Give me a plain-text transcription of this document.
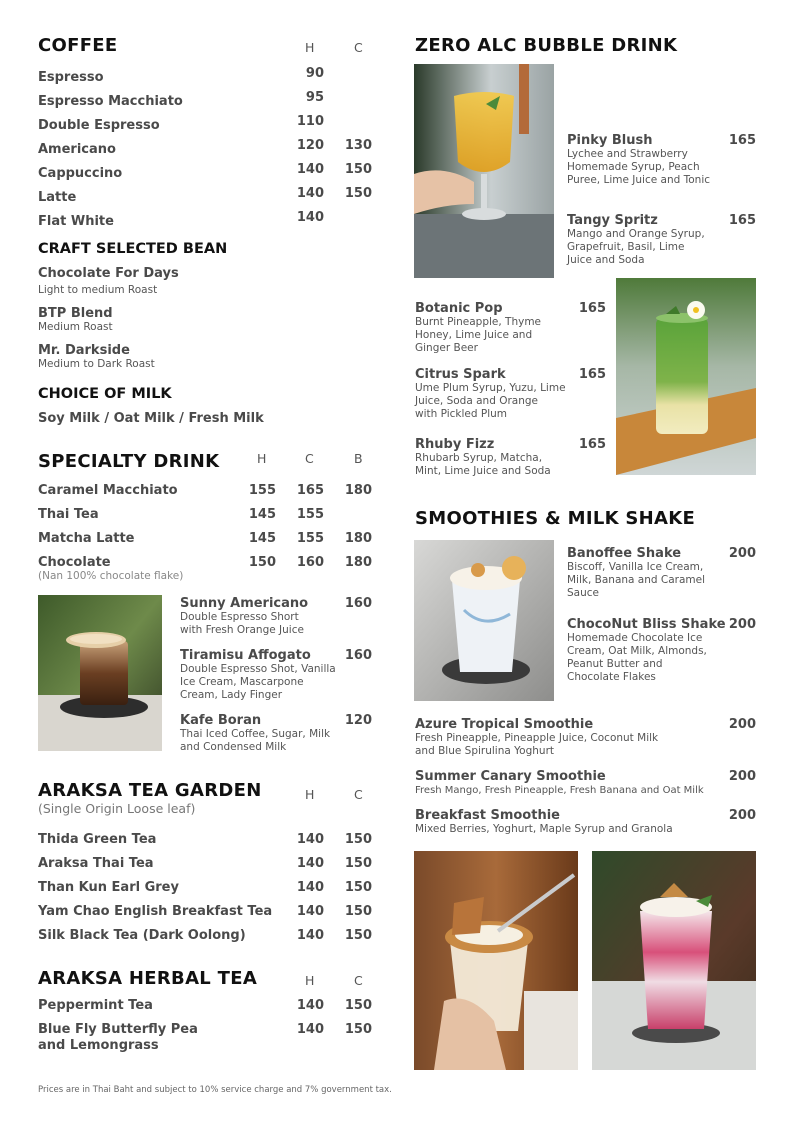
COFFEE	H	C
Espresso	90
Espresso Macchiato	95
Double Espresso	110
Americano	120	130
Cappuccino	140	150
Latte	140	150
Flat White	140
CRAFT SELECTED BEAN
Chocolate For Days
Light to medium Roast
BTP Blend
Medium Roast
Mr. Darkside
Medium to Dark Roast
CHOICE OF MILK
Soy Milk / Oat Milk / Fresh Milk
SPECIALTY DRINK	H	C	B
Caramel Macchiato	155	165	180
Thai Tea	145	155
Matcha Latte	145	155	180
Chocolate	150	160	180
(Nan 100% chocolate flake)
Sunny Americano	160
Double Espresso Short
with Fresh Orange Juice
Tiramisu Affogato	160
Double Espresso Shot, Vanilla
Ice Cream, Mascarpone
Cream, Lady Finger
Kafe Boran	120
Thai Iced Coffee, Sugar, Milk
and Condensed Milk
ARAKSA TEA GARDEN
(Single Origin Loose leaf)
H	C
Thida Green Tea	140	150
Araksa Thai Tea	140	150
Than Kun Earl Grey	140	150
Yam Chao English Breakfast Tea	140	150
Silk Black Tea (Dark Oolong)	140	150
ARAKSA HERBAL TEA	H	C
Peppermint Tea	140	150
Blue Fly Butterfly Pea
and Lemongrass
140	150
Prices are in Thai Baht and subject to 10% service charge and 7% government tax.
ZERO ALC BUBBLE DRINK
Pinky Blush	165
Lychee and Strawberry
Homemade Syrup, Peach
Puree, Lime Juice and Tonic
Tangy Spritz	165
Mango and Orange Syrup,
Grapefruit, Basil, Lime
Juice and Soda
Botanic Pop	165
Burnt Pineapple, Thyme
Honey, Lime Juice and
Ginger Beer
Citrus Spark	165
Ume Plum Syrup, Yuzu, Lime
Juice, Soda and Orange
with Pickled Plum
Rhuby Fizz	165
Rhubarb Syrup, Matcha,
Mint, Lime Juice and Soda
SMOOTHIES & MILK SHAKE
Banoffee Shake	200
Biscoff, Vanilla Ice Cream,
Milk, Banana and Caramel
Sauce
ChocoNut Bliss Shake 200
Homemade Chocolate Ice
Cream, Oat Milk, Almonds,
Peanut Butter and
Chocolate Flakes
Azure Tropical Smoothie	200
Fresh Pineapple, Pineapple Juice, Coconut Milk
and Blue Spirulina Yoghurt
Summer Canary Smoothie	200
Fresh Mango, Fresh Pineapple, Fresh Banana and Oat Milk
Breakfast Smoothie	200
Mixed Berries, Yoghurt, Maple Syrup and Granola
